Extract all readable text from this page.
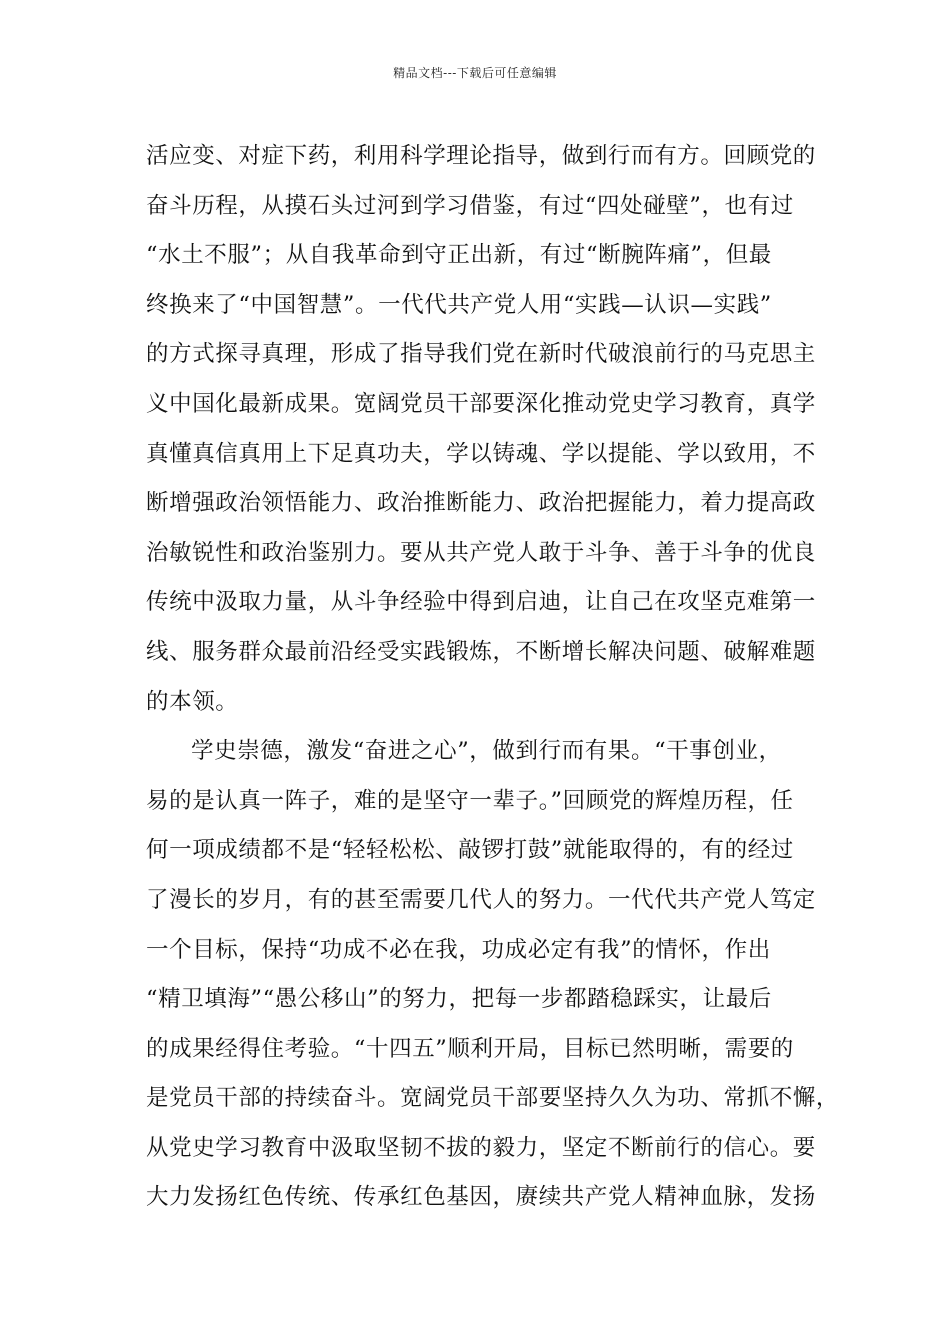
精品文档---下载后可任意编辑
活应变、对症下药，利用科学理论指导，做到行而有方。回顾党的
奋斗历程，从摸石头过河到学习借鉴，有过“四处碰壁”，也有过
“水土不服”；从自我革命到守正出新，有过“断腕阵痛”，但最
终换来了“中国智慧”。一代代共产党人用“实践—认识—实践”
的方式探寻真理，形成了指导我们党在新时代破浪前行的马克思主
义中国化最新成果。宽阔党员干部要深化推动党史学习教育，真学
真懂真信真用上下足真功夫，学以铸魂、学以提能、学以致用，不
断增强政治领悟能力、政治推断能力、政治把握能力，着力提高政
治敏锐性和政治鉴别力。要从共产党人敢于斗争、善于斗争的优良
传统中汲取力量，从斗争经验中得到启迪，让自己在攻坚克难第一
线、服务群众最前沿经受实践锻炼，不断增长解决问题、破解难题
的本领。
学史崇德，激发“奋进之心”，做到行而有果。“干事创业，
易的是认真一阵子，难的是坚守一辈子。”回顾党的辉煌历程，任
何一项成绩都不是“轻轻松松、敲锣打鼓”就能取得的，有的经过
了漫长的岁月，有的甚至需要几代人的努力。一代代共产党人笃定
一个目标，保持“功成不必在我，功成必定有我”的情怀，作出
“精卫填海”“愚公移山”的努力，把每一步都踏稳踩实，让最后
的成果经得住考验。“十四五”顺利开局，目标已然明晰，需要的
是党员干部的持续奋斗。宽阔党员干部要坚持久久为功、常抓不懈，
从党史学习教育中汲取坚韧不拔的毅力，坚定不断前行的信心。要
大力发扬红色传统、传承红色基因，赓续共产党人精神血脉，发扬
